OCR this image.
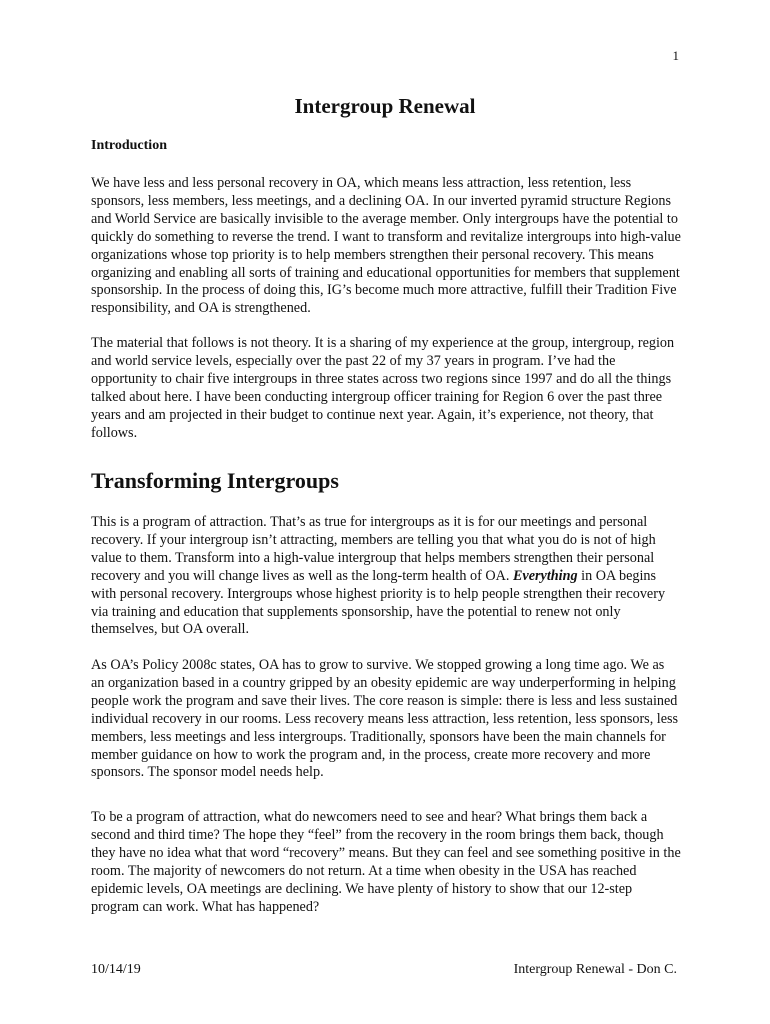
1
Intergroup Renewal
Introduction

We have less and less personal recovery in OA, which means less attraction, less retention, less sponsors, less members, less meetings, and a declining OA. In our inverted pyramid structure Regions and World Service are basically invisible to the average member. Only intergroups have the potential to quickly do something to reverse the trend. I want to transform and revitalize intergroups into high-value organizations whose top priority is to help members strengthen their personal recovery. This means organizing and enabling all sorts of training and educational opportunities for members that supplement sponsorship. In the process of doing this, IG’s become much more attractive, fulfill their Tradition Five responsibility, and OA is strengthened.

The material that follows is not theory. It is a sharing of my experience at the group, intergroup, region and world service levels, especially over the past 22 of my 37 years in program. I’ve had the opportunity to chair five intergroups in three states across two regions since 1997 and do all the things talked about here. I have been conducting intergroup officer training for Region 6 over the past three years and am projected in their budget to continue next year. Again, it’s experience, not theory, that follows.

Transforming Intergroups

This is a program of attraction. That’s as true for intergroups as it is for our meetings and personal recovery. If your intergroup isn’t attracting, members are telling you that what you do is not of high value to them. Transform into a high-value intergroup that helps members strengthen their personal recovery and you will change lives as well as the long-term health of OA. Everything in OA begins with personal recovery. Intergroups whose highest priority is to help people strengthen their recovery via training and education that supplements sponsorship, have the potential to renew not only themselves, but OA overall.

As OA’s Policy 2008c states, OA has to grow to survive. We stopped growing a long time ago. We as an organization based in a country gripped by an obesity epidemic are way underperforming in helping people work the program and save their lives. The core reason is simple: there is less and less sustained individual recovery in our rooms. Less recovery means less attraction, less retention, less sponsors, less members, less meetings and less intergroups. Traditionally, sponsors have been the main channels for member guidance on how to work the program and, in the process, create more recovery and more sponsors. The sponsor model needs help.

To be a program of attraction, what do newcomers need to see and hear? What brings them back a second and third time? The hope they “feel” from the recovery in the room brings them back, though they have no idea what that word “recovery” means. But they can feel and see something positive in the room. The majority of newcomers do not return. At a time when obesity in the USA has reached epidemic levels, OA meetings are declining. We have plenty of history to show that our 12-step program can work. What has happened?

10/14/19	Intergroup Renewal - Don C.
